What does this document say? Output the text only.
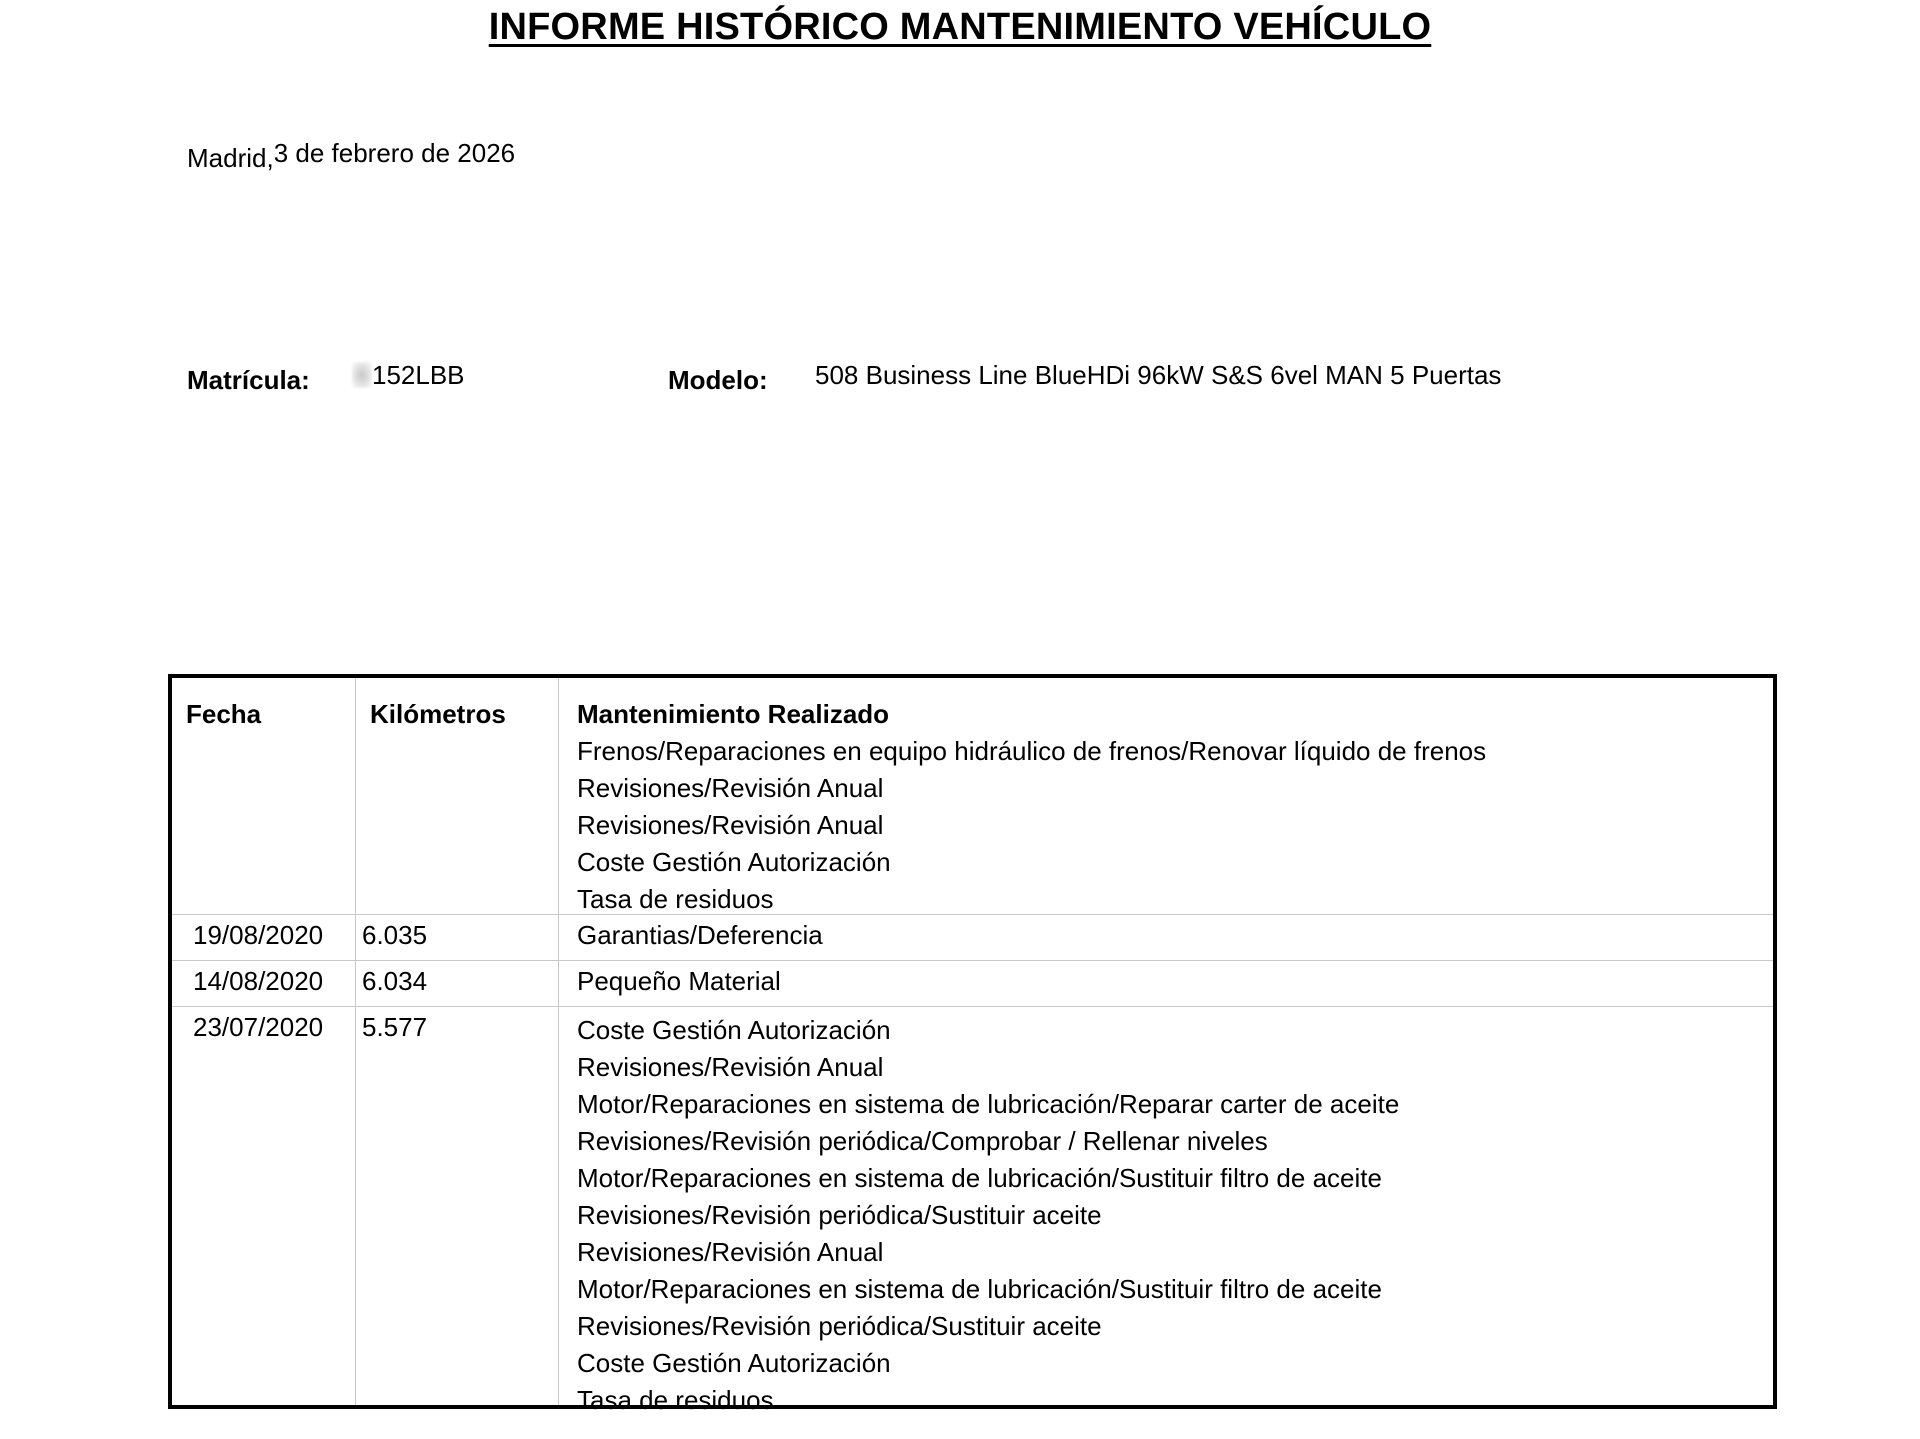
INFORME HISTÓRICO MANTENIMIENTO VEHÍCULO
Madrid,3 de febrero de 2026
Matrícula:	152LBB	Modelo: 508 Business Line BlueHDi 96kW S&S 6vel MAN 5 Puertas
Fecha	Kilómetros	Mantenimiento Realizado
Frenos/Reparaciones en equipo hidráulico de frenos/Renovar líquido de frenos
Revisiones/Revisión Anual
Revisiones/Revisión Anual
Coste Gestión Autorización
Tasa de residuos
19/08/2020 6.035	Garantias/Deferencia
14/08/2020 6.034	Pequeño Material
23/07/2020 5.577	Coste Gestión Autorización
Revisiones/Revisión Anual
Motor/Reparaciones en sistema de lubricación/Reparar carter de aceite
Revisiones/Revisión periódica/Comprobar / Rellenar niveles
Motor/Reparaciones en sistema de lubricación/Sustituir filtro de aceite
Revisiones/Revisión periódica/Sustituir aceite
Revisiones/Revisión Anual
Motor/Reparaciones en sistema de lubricación/Sustituir filtro de aceite
Revisiones/Revisión periódica/Sustituir aceite
Coste Gestión Autorización
Tasa de residuos
